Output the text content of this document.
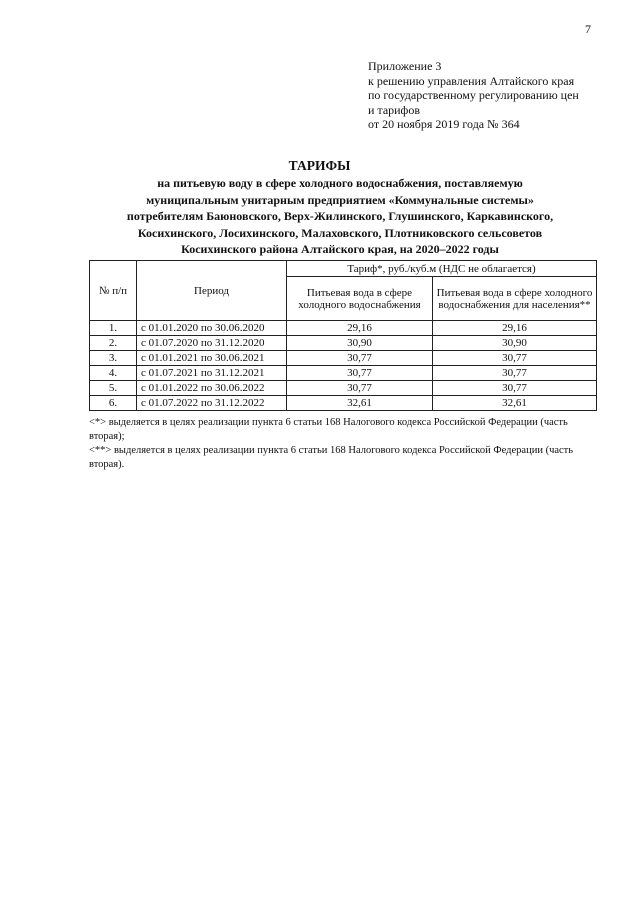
7
Приложение 3
к решению управления Алтайского края
по государственному регулированию цен
и тарифов
от 20 ноября 2019 года № 364
ТАРИФЫ
на питьевую воду в сфере холодного водоснабжения, поставляемую
муниципальным унитарным предприятием «Коммунальные системы»
потребителям Баюновского, Верх-Жилинского, Глушинского, Каркавинского,
Косихинского, Лосихинского, Малаховского, Плотниковского сельсоветов
Косихинского района Алтайского края, на 2020–2022 годы
№ п/п	Период	Тариф*, руб./куб.м (НДС не облагается)	
		Питьевая вода в сфере холодного водоснабжения	Питьевая вода в сфере холодного водоснабжения для населения**
1.	с 01.01.2020 по 30.06.2020	29,16	29,16
2.	с 01.07.2020 по 31.12.2020	30,90	30,90
3.	с 01.01.2021 по 30.06.2021	30,77	30,77
4.	с 01.07.2021 по 31.12.2021	30,77	30,77
5.	с 01.01.2022 по 30.06.2022	30,77	30,77
6.	с 01.07.2022 по 31.12.2022	32,61	32,61

<*> выделяется в целях реализации пункта 6 статьи 168 Налогового кодекса Российской Федерации (часть вторая);

<**> выделяется в целях реализации пункта 6 статьи 168 Налогового кодекса Российской Федерации (часть вторая).
